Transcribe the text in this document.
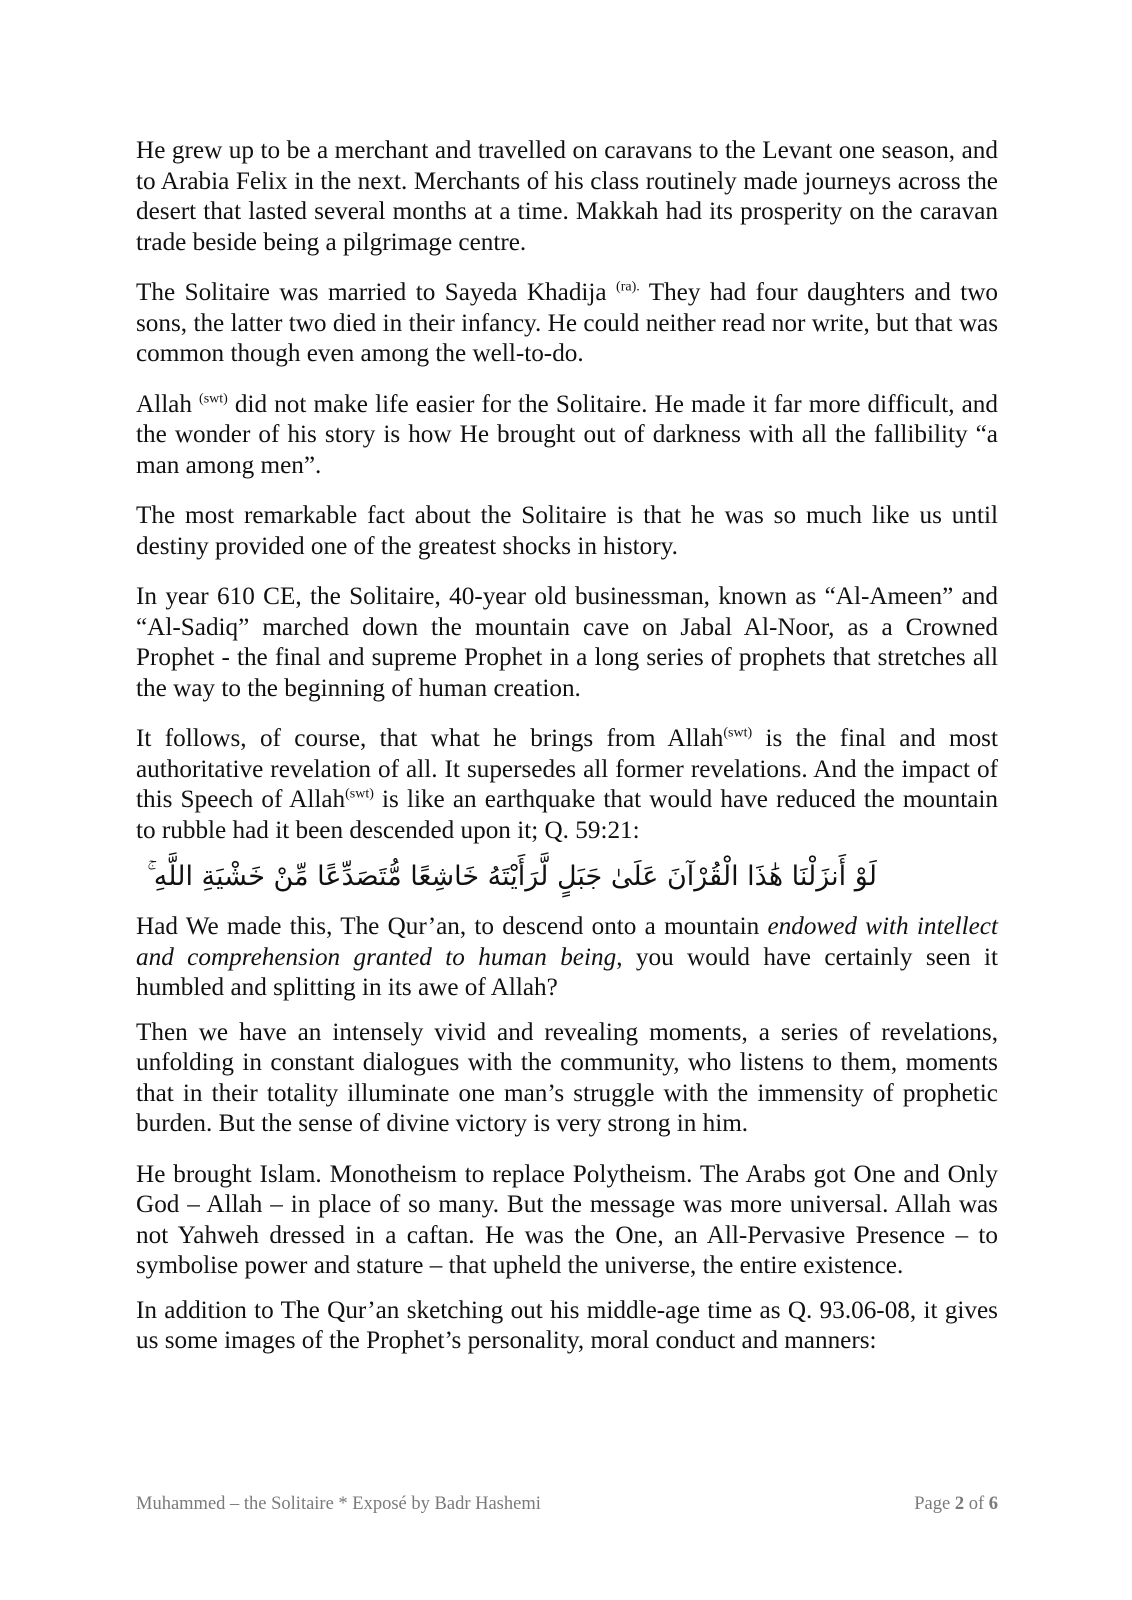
He grew up to be a merchant and travelled on caravans to the Levant one season, and to Arabia Felix in the next. Merchants of his class routinely made journeys across the desert that lasted several months at a time. Makkah had its prosperity on the caravan trade beside being a pilgrimage centre.

The Solitaire was married to Sayeda Khadija $^{(ra).}$ They had four daughters and two sons, the latter two died in their infancy. He could neither read nor write, but that was common though even among the well-to-do.

Allah $^{(swt)}$ did not make life easier for the Solitaire. He made it far more difficult, and the wonder of his story is how He brought out of darkness with all the fallibility “a man among men”.

The most remarkable fact about the Solitaire is that he was so much like us until destiny provided one of the greatest shocks in history.

In year 610 CE, the Solitaire, 40-year old businessman, known as “Al-Ameen” and “Al-Sadiq” marched down the mountain cave on Jabal Al-Noor, as a Crowned Prophet - the final and supreme Prophet in a long series of prophets that stretches all the way to the beginning of human creation.

It follows, of course, that what he brings from Allah$^{(swt)}$ is the final and most authoritative revelation of all. It supersedes all former revelations. And the impact of this Speech of Allah$^{(swt)}$ is like an earthquake that would have reduced the mountain to rubble had it been descended upon it; Q. 59:21:

لَوْ أَنزَلْنَا هَٰذَا الْقُرْآنَ عَلَىٰ جَبَلٍ لَّرَأَيْتَهُ خَاشِعًا مُّتَصَدِّعًا مِّنْ خَشْيَةِ اللَّهِ ۚ

Had We made this, The Qur’an, to descend onto a mountain endowed with intellect and comprehension granted to human being, you would have certainly seen it humbled and splitting in its awe of Allah?

Then we have an intensely vivid and revealing moments, a series of revelations, unfolding in constant dialogues with the community, who listens to them, moments that in their totality illuminate one man’s struggle with the immensity of prophetic burden. But the sense of divine victory is very strong in him.

He brought Islam. Monotheism to replace Polytheism. The Arabs got One and Only God – Allah – in place of so many. But the message was more universal. Allah was not Yahweh dressed in a caftan. He was the One, an All-Pervasive Presence – to symbolise power and stature – that upheld the universe, the entire existence.

In addition to The Qur’an sketching out his middle-age time as Q. 93.06-08, it gives us some images of the Prophet’s personality, moral conduct and manners:

Muhammed – the Solitaire * Exposé by Badr Hashemi	Page 2 of 6
